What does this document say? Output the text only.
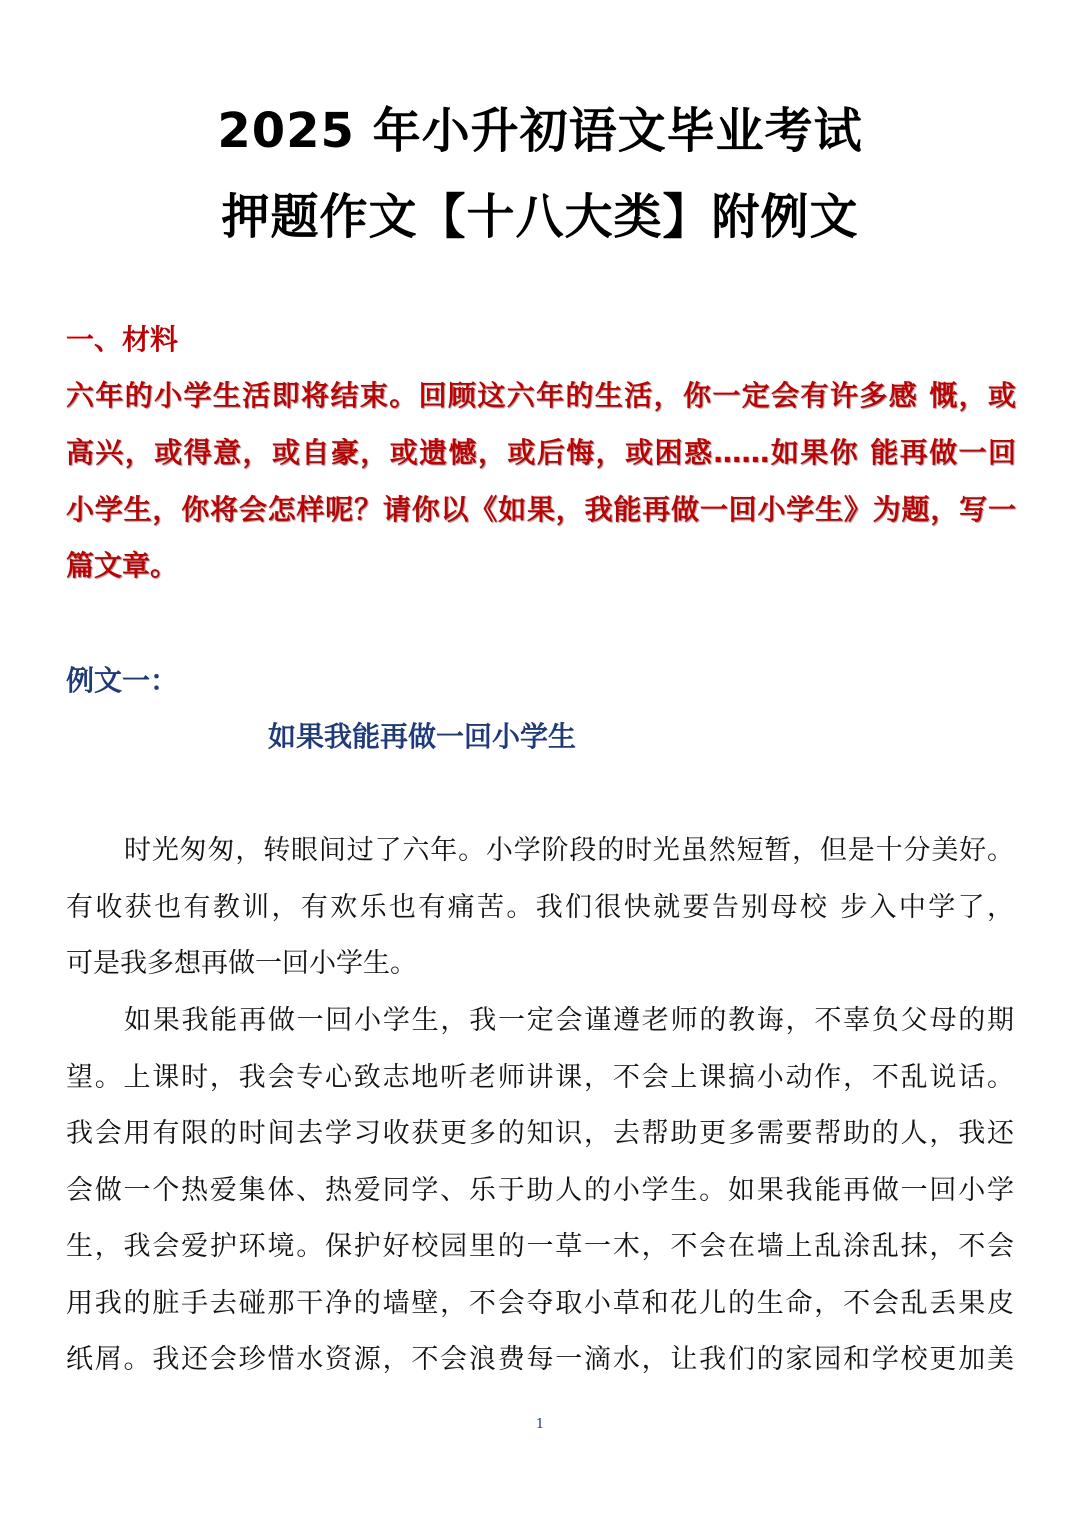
2025 年小升初语文毕业考试
押题作文【十八大类】附例文
一、材料
六年的小学生活即将结束。回顾这六年的生活，你一定会有许多感 慨，或
高兴，或得意，或自豪，或遗憾，或后悔，或困惑……如果你 能再做一回
小学生，你将会怎样呢？请你以《如果，我能再做一回小学生》为题，写一
篇文章。
例文一：
如果我能再做一回小学生
时光匆匆，转眼间过了六年。小学阶段的时光虽然短暂，但是十分美好。
有收获也有教训，有欢乐也有痛苦。我们很快就要告别母校 步入中学了，
可是我多想再做一回小学生。
如果我能再做一回小学生，我一定会谨遵老师的教诲，不辜负父母的期
望。上课时，我会专心致志地听老师讲课，不会上课搞小动作，不乱说话。
我会用有限的时间去学习收获更多的知识，去帮助更多需要帮助的人，我还
会做一个热爱集体、热爱同学、乐于助人的小学生。如果我能再做一回小学
生，我会爱护环境。保护好校园里的一草一木，不会在墙上乱涂乱抹，不会
用我的脏手去碰那干净的墙壁，不会夺取小草和花儿的生命，不会乱丢果皮
纸屑。我还会珍惜水资源，不会浪费每一滴水，让我们的家园和学校更加美
1
